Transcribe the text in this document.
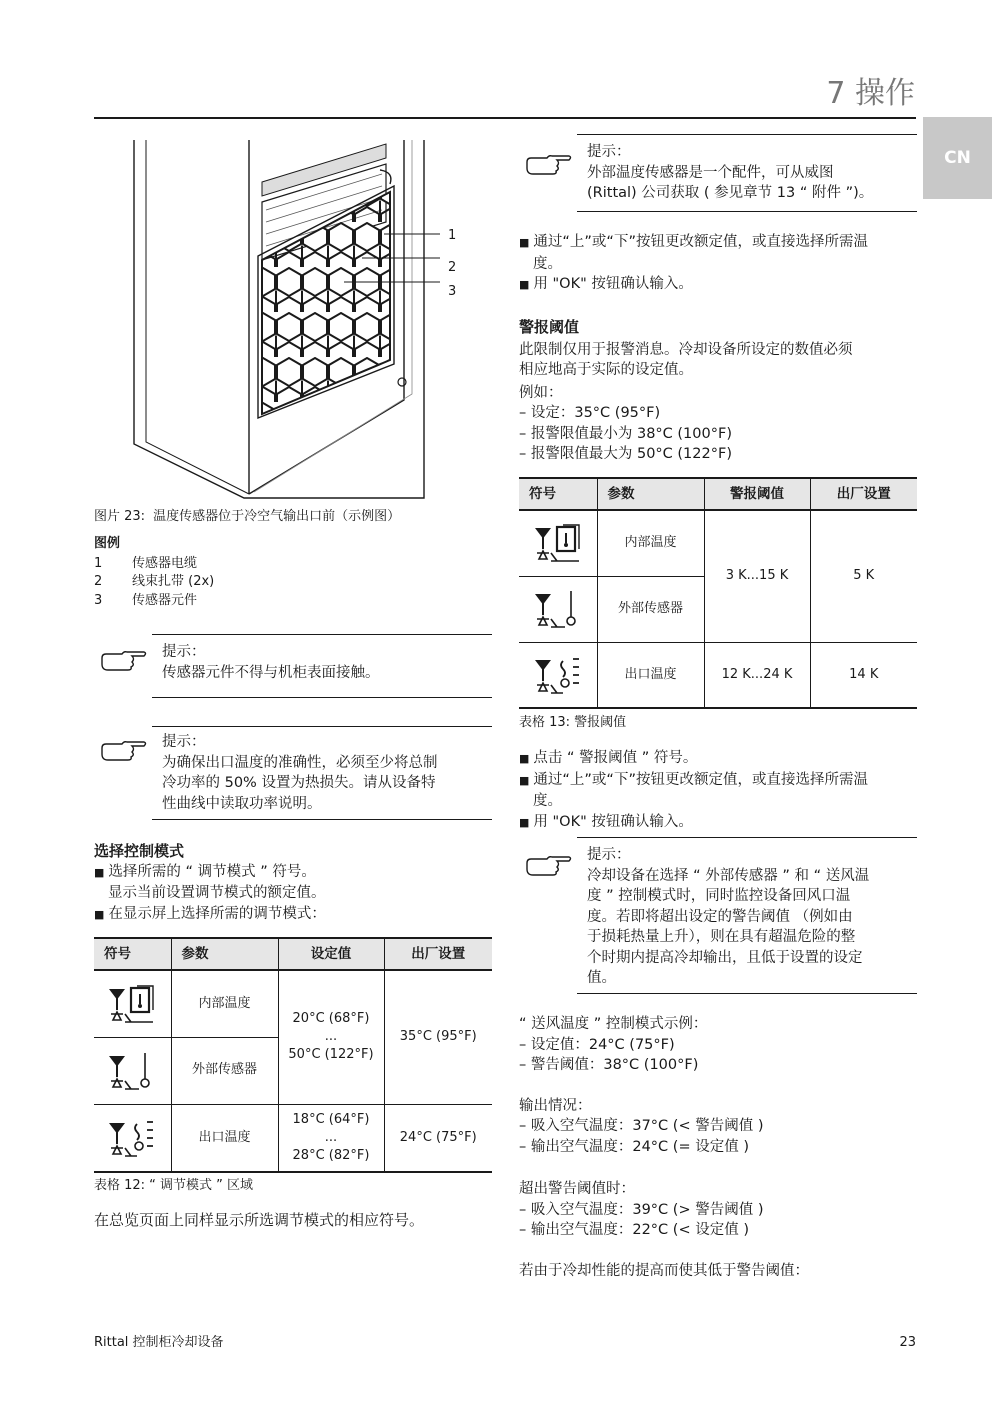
7 操作
CN
1
2
3
图片 23: 温度传感器位于冷空气输出口前（示例图）
图例
1 传感器电缆
2 线束扎带 (2x)
3 传感器元件
提示：
传感器元件不得与机柜表面接触。
提示：
为确保出口温度的准确性，必须至少将总制
冷功率的 50% 设置为热损失。请从设备特
性曲线中读取功率说明。
选择控制模式
■ 选择所需的 “ 调节模式 ” 符号。
显示当前设置调节模式的额定值。
■ 在显示屏上选择所需的调节模式：
符号	参数	设定值	出厂设置

	内部温度	20°C (68°F)
...
50°C (122°F)	35°C (95°F)

	外部传感器		

	出口温度	18°C (64°F)
...
28°C (82°F)	24°C (75°F)
表格 12: “ 调节模式 ” 区域
在总览页面上同样显示所选调节模式的相应符号。
提示：
外部温度传感器是一个配件，可从威图
(Rittal) 公司获取 ( 参见章节 13 “ 附件 ”)。
■ 通过“上”或“下”按钮更改额定值，或直接选择所需温
度。
■ 用 "OK" 按钮确认输入。
警报阈值
此限制仅用于报警消息。冷却设备所设定的数值必须
相应地高于实际的设定值。
例如：
– 设定：35°C (95°F)
– 报警限值最小为 38°C (100°F)
– 报警限值最大为 50°C (122°F)
符号	参数	警报阈值	出厂设置

	内部温度	3 K...15 K	5 K

	外部传感器		

	出口温度	12 K...24 K	14 K
表格 13: 警报阈值
■ 点击 “ 警报阈值 ” 符号。
■ 通过“上”或“下”按钮更改额定值，或直接选择所需温
度。
■ 用 "OK" 按钮确认输入。
提示：
冷却设备在选择 “ 外部传感器 ” 和 “ 送风温
度 ” 控制模式时，同时监控设备回风口温
度。若即将超出设定的警告阈值 （例如由
于损耗热量上升），则在具有超温危险的整
个时期内提高冷却输出，且低于设置的设定
值。
“ 送风温度 ” 控制模式示例：
– 设定值：24°C (75°F)
– 警告阈值：38°C (100°F)
输出情况：
– 吸入空气温度：37°C (< 警告阈值 )
– 输出空气温度：24°C (= 设定值 )
超出警告阈值时：
– 吸入空气温度：39°C (> 警告阈值 )
– 输出空气温度：22°C (< 设定值 )
若由于冷却性能的提高而使其低于警告阈值：
Rittal 控制柜冷却设备	23
